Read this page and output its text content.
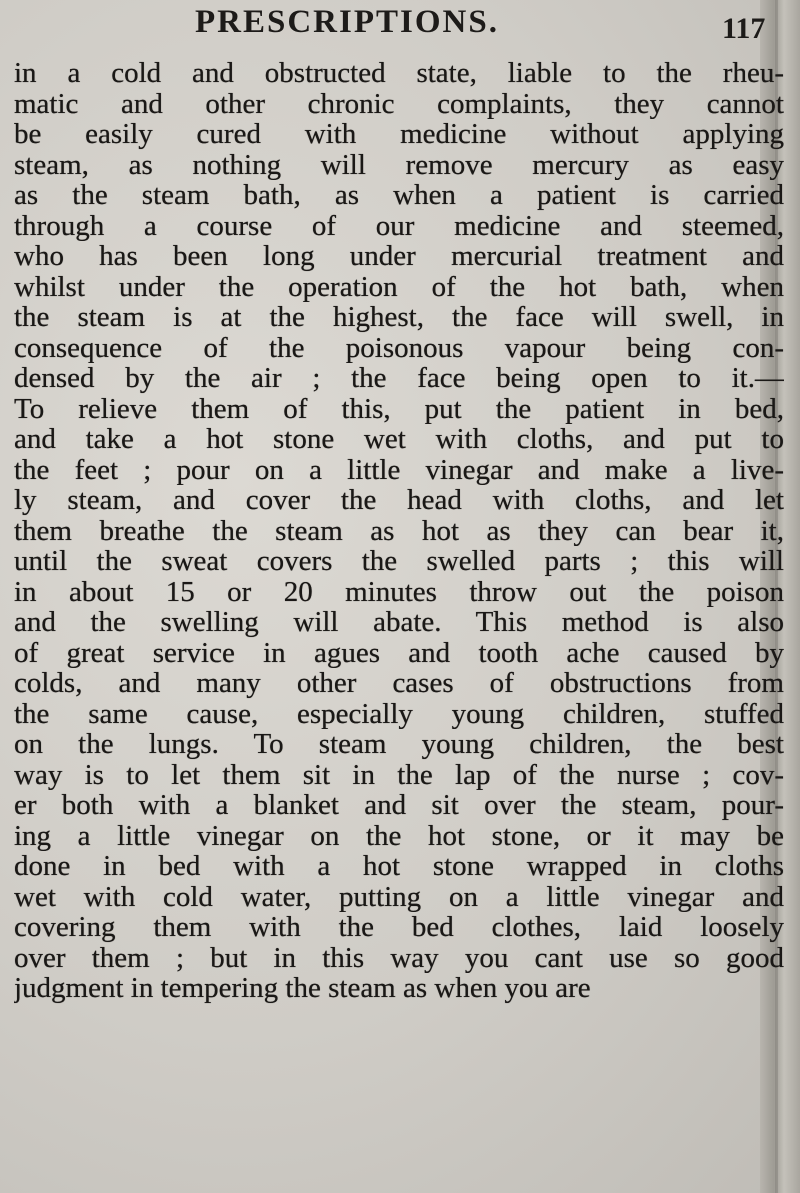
PRESCRIPTIONS.	117
in a cold and obstructed state, liable to the rheu-
matic and other chronic complaints, they cannot
be easily cured with medicine without applying
steam, as nothing will remove mercury as easy
as the steam bath, as when a patient is carried
through a course of our medicine and steemed,
who has been long under mercurial treatment and
whilst under the operation of the hot bath, when
the steam is at the highest, the face will swell, in
consequence of the poisonous vapour being con-
densed by the air ; the face being open to it.—
To relieve them of this, put the patient in bed,
and take a hot stone wet with cloths, and put to
the feet ; pour on a little vinegar and make a live-
ly steam, and cover the head with cloths, and let
them breathe the steam as hot as they can bear it,
until the sweat covers the swelled parts ; this will
in about 15 or 20 minutes throw out the poison
and the swelling will abate. This method is also
of great service in agues and tooth ache caused by
colds, and many other cases of obstructions from
the same cause, especially young children, stuffed
on the lungs. To steam young children, the best
way is to let them sit in the lap of the nurse ; cov-
er both with a blanket and sit over the steam, pour-
ing a little vinegar on the hot stone, or it may be
done in bed with a hot stone wrapped in cloths
wet with cold water, putting on a little vinegar and
covering them with the bed clothes, laid loosely
over them ; but in this way you cant use so good
judgment in tempering the steam as when you are
